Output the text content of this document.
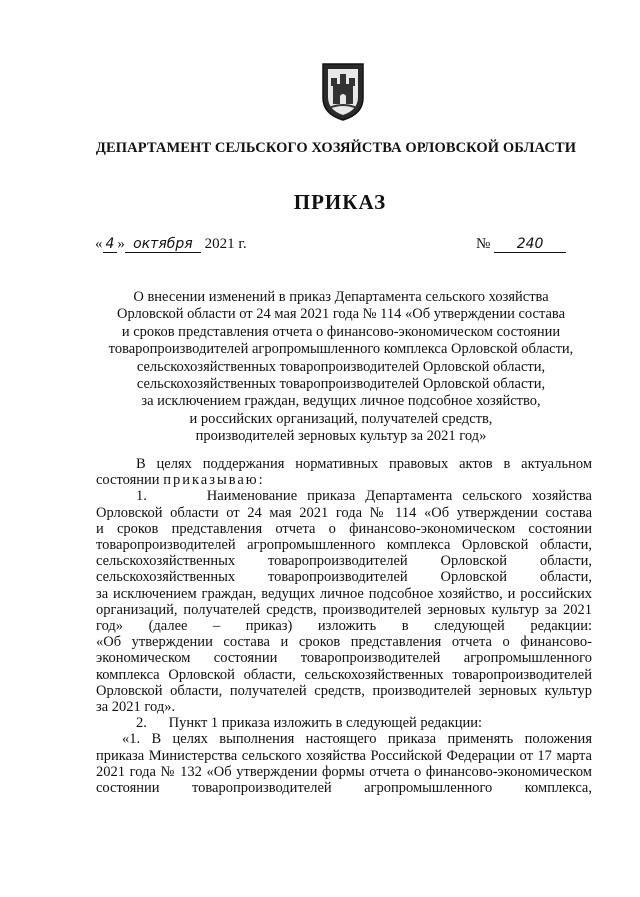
ДЕПАРТАМЕНТ СЕЛЬСКОГО ХОЗЯЙСТВА ОРЛОВСКОЙ ОБЛАСТИ
ПРИКАЗ
« 4 » октября 2021 г.	№ 240
О внесении изменений в приказ Департамента сельского хозяйства
Орловской области от 24 мая 2021 года № 114 «Об утверждении состава
и сроков представления отчета о финансово-экономическом состоянии
товаропроизводителей агропромышленного комплекса Орловской области,
сельскохозяйственных товаропроизводителей Орловской области,
сельскохозяйственных товаропроизводителей Орловской области,
за исключением граждан, ведущих личное подсобное хозяйство,
и российских организаций, получателей средств,
производителей зерновых культур за 2021 год»
В целях поддержания нормативных правовых актов в актуальном
состоянии приказываю:
1.      Наименование приказа Департамента сельского хозяйства
Орловской области от 24 мая 2021 года № 114 «Об утверждении состава
и сроков представления отчета о финансово-экономическом состоянии
товаропроизводителей агропромышленного комплекса Орловской области,
сельскохозяйственных товаропроизводителей Орловской области,
сельскохозяйственных товаропроизводителей Орловской области,
за исключением граждан, ведущих личное подсобное хозяйство, и российских
организаций, получателей средств, производителей зерновых культур за 2021
год» (далее – приказ) изложить в следующей редакции:
«Об утверждении состава и сроков представления отчета о финансово-
экономическом состоянии товаропроизводителей агропромышленного
комплекса Орловской области, сельскохозяйственных товаропроизводителей
Орловской области, получателей средств, производителей зерновых культур
за 2021 год».
2.      Пункт 1 приказа изложить в следующей редакции:
«1. В целях выполнения настоящего приказа применять положения
приказа Министерства сельского хозяйства Российской Федерации от 17 марта
2021 года № 132 «Об утверждении формы отчета о финансово-экономическом
состоянии товаропроизводителей агропромышленного комплекса,
